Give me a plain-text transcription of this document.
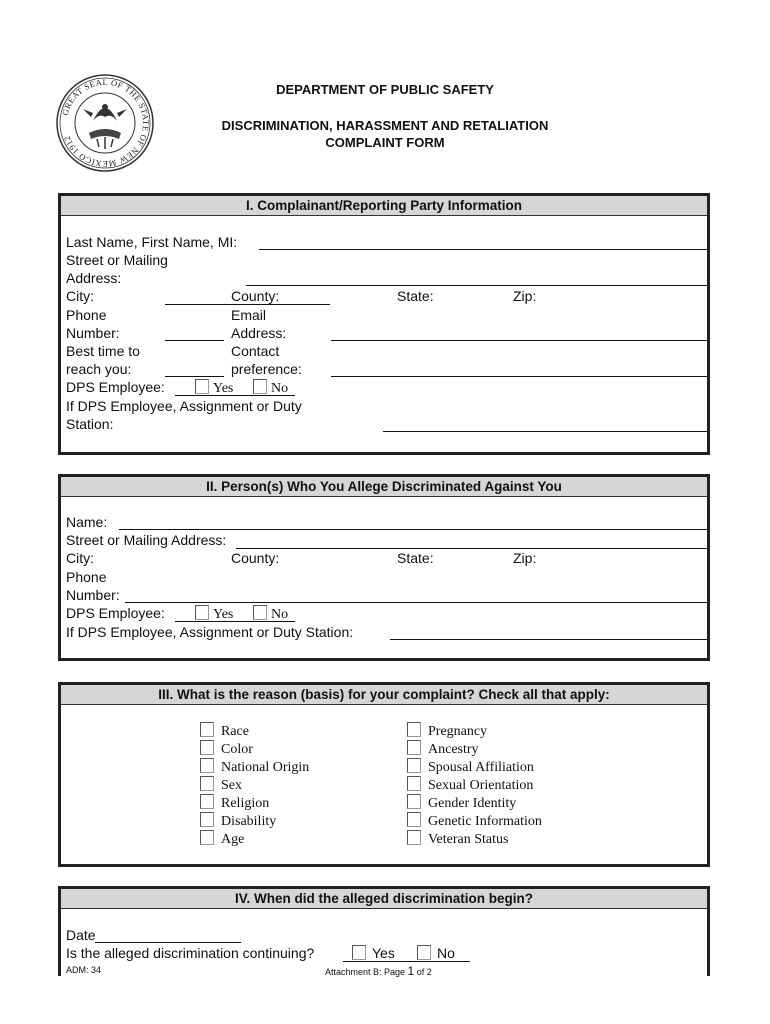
GREAT SEAL OF THE STATE OF NEW MEXICO 1912
DEPARTMENT OF PUBLIC SAFETY
DISCRIMINATION, HARASSMENT AND RETALIATION
COMPLAINT FORM
I. Complainant/Reporting Party Information
Last Name, First Name, MI:
Street or Mailing
Address:
City:	County:	State:	Zip:
Phone
Number:
Email
Address:
Best time to
reach you:
Contact
preference:
DPS Employee:	Yes	No
If DPS Employee, Assignment or Duty
Station:
II. Person(s) Who You Allege Discriminated Against You
Name:
Street or Mailing Address:
City:	County:	State:	Zip:
Phone
Number:
DPS Employee:	Yes	No
If DPS Employee, Assignment or Duty Station:
III. What is the reason (basis) for your complaint? Check all that apply:
Race
Color
National Origin
Sex
Religion
Disability
Age
Pregnancy
Ancestry
Spousal Affiliation
Sexual Orientation
Gender Identity
Genetic Information
Veteran Status
IV. When did the alleged discrimination begin?
Date
Is the alleged discrimination continuing?	Yes	No
ADM: 34	Attachment B: Page 1 of 2
